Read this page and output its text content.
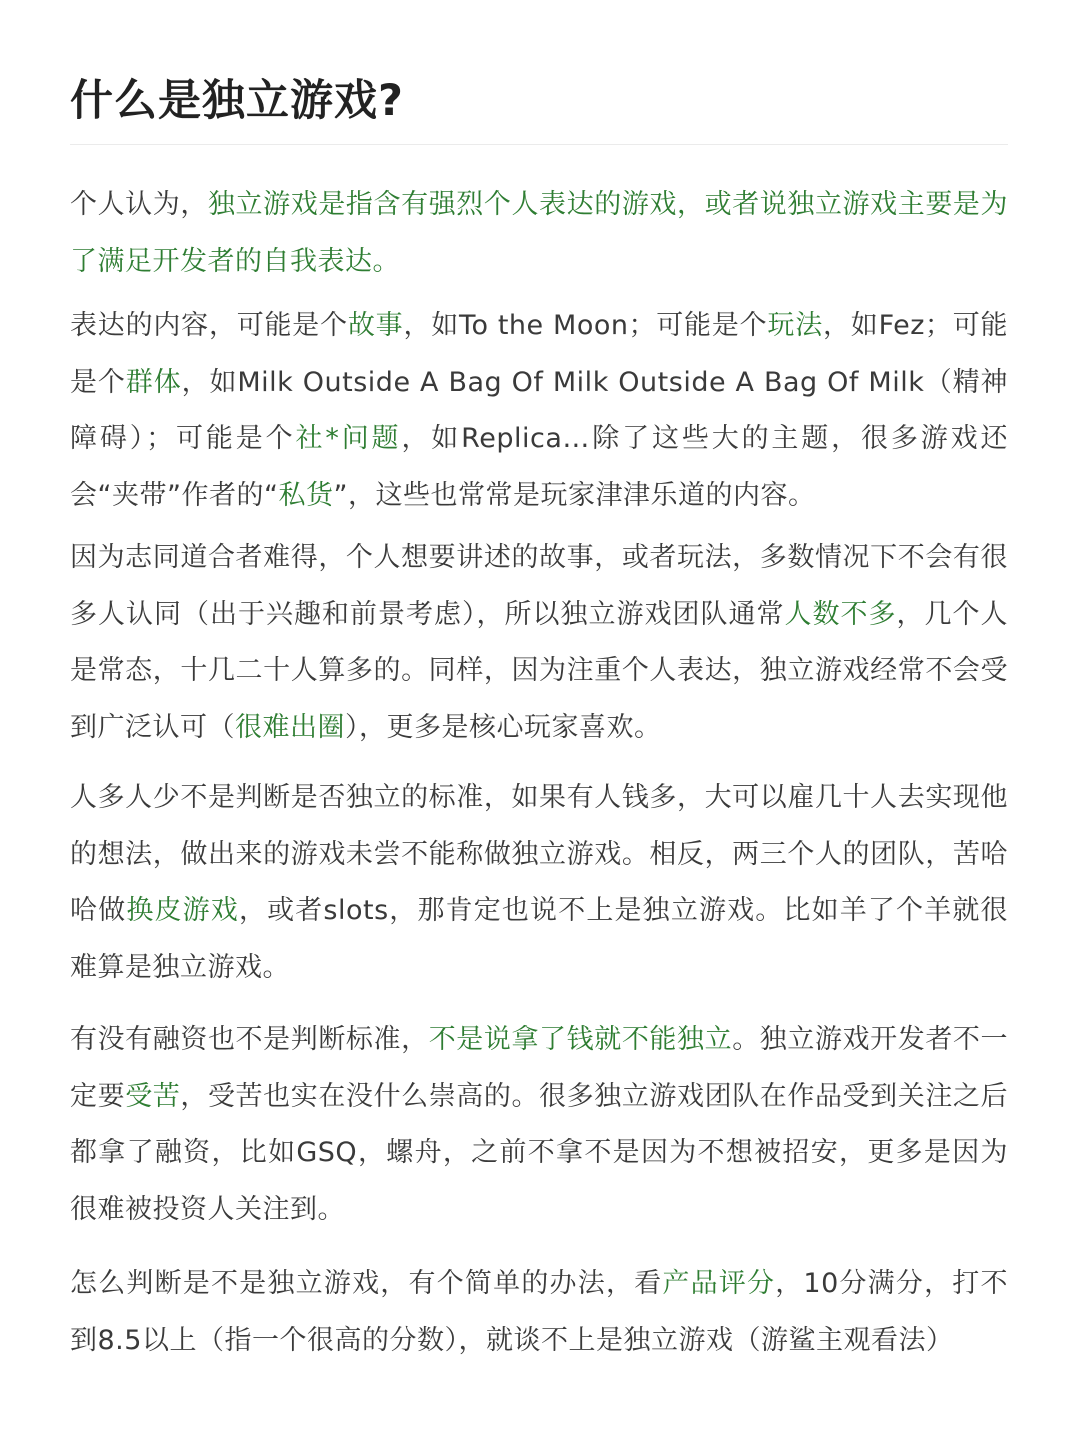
什么是独立游戏?

个人认为，独立游戏是指含有强烈个人表达的游戏，或者说独立游戏主要是为了满足开发者的自我表达。

表达的内容，可能是个故事，如To the Moon；可能是个玩法，如Fez；可能是个群体，如Milk Outside A Bag Of Milk Outside A Bag Of Milk（精神障碍）；可能是个社*问题，如Replica…除了这些大的主题，很多游戏还会“夹带”作者的“私货”，这些也常常是玩家津津乐道的内容。

因为志同道合者难得，个人想要讲述的故事，或者玩法，多数情况下不会有很多人认同（出于兴趣和前景考虑），所以独立游戏团队通常人数不多，几个人是常态，十几二十人算多的。同样，因为注重个人表达，独立游戏经常不会受到广泛认可（很难出圈），更多是核心玩家喜欢。

人多人少不是判断是否独立的标准，如果有人钱多，大可以雇几十人去实现他的想法，做出来的游戏未尝不能称做独立游戏。相反，两三个人的团队，苦哈哈做换皮游戏，或者slots，那肯定也说不上是独立游戏。比如羊了个羊就很难算是独立游戏。

有没有融资也不是判断标准，不是说拿了钱就不能独立。独立游戏开发者不一定要受苦，受苦也实在没什么崇高的。很多独立游戏团队在作品受到关注之后都拿了融资，比如GSQ，螺舟，之前不拿不是因为不想被招安，更多是因为很难被投资人关注到。

怎么判断是不是独立游戏，有个简单的办法，看产品评分，10分满分，打不到8.5以上（指一个很高的分数），就谈不上是独立游戏（游鲨主观看法）
